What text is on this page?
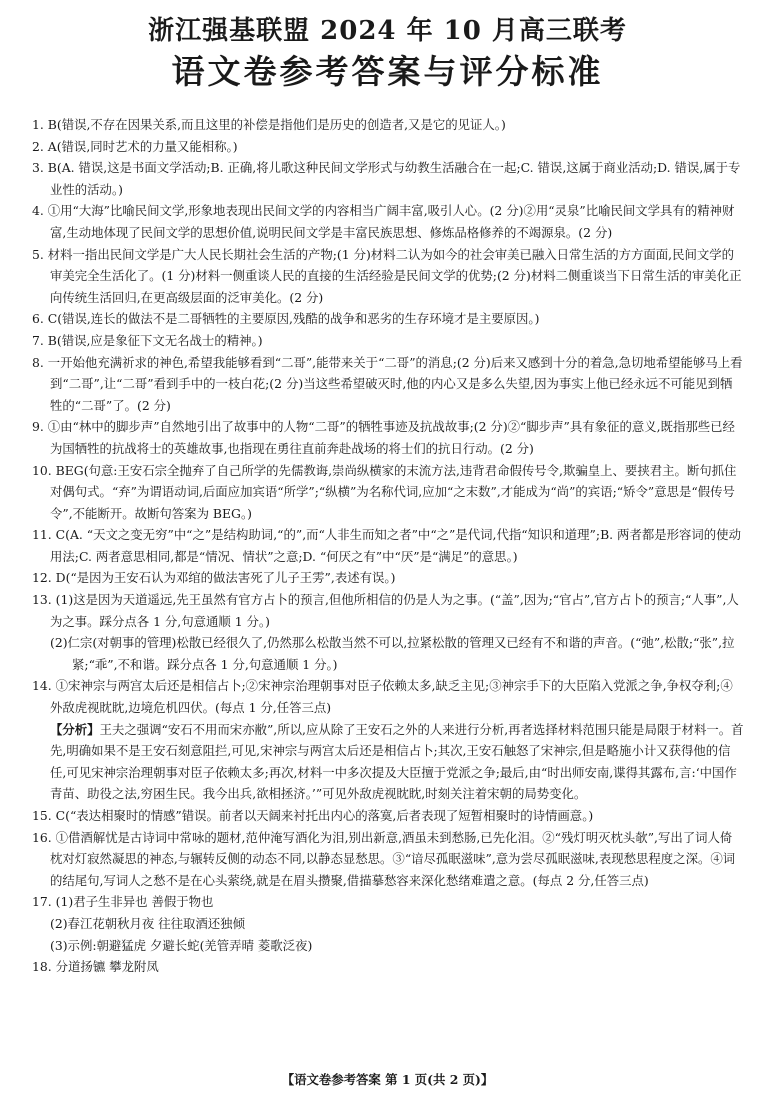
浙江强基联盟 2024 年 10 月高三联考
语文卷参考答案与评分标准

1. B(错误,不存在因果关系,而且这里的补偿是指他们是历史的创造者,又是它的见证人。)

2. A(错误,同时艺术的力量又能相称。)

3. B(A. 错误,这是书面文学活动;B. 正确,将儿歌这种民间文学形式与幼教生活融合在一起;C. 错误,这属于商业活动;D. 错误,属于专业性的活动。)

4. ①用“大海”比喻民间文学,形象地表现出民间文学的内容相当广阔丰富,吸引人心。(2 分)②用“灵泉”比喻民间文学具有的精神财富,生动地体现了民间文学的思想价值,说明民间文学是丰富民族思想、修炼品格修养的不竭源泉。(2 分)

5. 材料一指出民间文学是广大人民长期社会生活的产物;(1 分)材料二认为如今的社会审美已融入日常生活的方方面面,民间文学的审美完全生活化了。(1 分)材料一侧重谈人民的直接的生活经验是民间文学的优势;(2 分)材料二侧重谈当下日常生活的审美化正向传统生活回归,在更高级层面的泛审美化。(2 分)

6. C(错误,连长的做法不是二哥牺牲的主要原因,残酷的战争和恶劣的生存环境才是主要原因。)

7. B(错误,应是象征下文无名战士的精神。)

8. 一开始他充满祈求的神色,希望我能够看到“二哥”,能带来关于“二哥”的消息;(2 分)后来又感到十分的着急,急切地希望能够马上看到“二哥”,让“二哥”看到手中的一枝白花;(2 分)当这些希望破灭时,他的内心又是多么失望,因为事实上他已经永远不可能见到牺牲的“二哥”了。(2 分)

9. ①由“林中的脚步声”自然地引出了故事中的人物“二哥”的牺牲事迹及抗战故事;(2 分)②“脚步声”具有象征的意义,既指那些已经为国牺牲的抗战将士的英雄故事,也指现在勇往直前奔赴战场的将士们的抗日行动。(2 分)

10. BEG(句意:王安石宗全抛弃了自己所学的先儒教诲,崇尚纵横家的末流方法,违背君命假传号令,欺骗皇上、要挟君主。断句抓住对偶句式。“弃”为谓语动词,后面应加宾语“所学”;“纵横”为名称代词,应加“之末数”,才能成为“尚”的宾语;“矫令”意思是“假传号令”,不能断开。故断句答案为 BEG。)

11. C(A. “天文之变无穷”中“之”是结构助词,“的”,而“人非生而知之者”中“之”是代词,代指“知识和道理”;B. 两者都是形容词的使动用法;C. 两者意思相同,都是“情况、情状”之意;D. “何厌之有”中“厌”是“满足”的意思。)

12. D(“是因为王安石认为邓绾的做法害死了儿子王雱”,表述有误。)

13. (1)这是因为天道遥远,先王虽然有官方占卜的预言,但他所相信的仍是人为之事。(“盖”,因为;“官占”,官方占卜的预言;“人事”,人为之事。踩分点各 1 分,句意通顺 1 分。)

(2)仁宗(对朝事的管理)松散已经很久了,仍然那么松散当然不可以,拉紧松散的管理又已经有不和谐的声音。(“弛”,松散;“张”,拉紧;“乖”,不和谐。踩分点各 1 分,句意通顺 1 分。)

14. ①宋神宗与两宫太后还是相信占卜;②宋神宗治理朝事对臣子依赖太多,缺乏主见;③神宗手下的大臣陷入党派之争,争权夺利;④外敌虎视眈眈,边境危机四伏。(每点 1 分,任答三点)

【分析】王夫之强调“安石不用而宋亦敝”,所以,应从除了王安石之外的人来进行分析,再者选择材料范围只能是局限于材料一。首先,明确如果不是王安石刻意阻拦,可见,宋神宗与两宫太后还是相信占卜;其次,王安石触怒了宋神宗,但是略施小计又获得他的信任,可见宋神宗治理朝事对臣子依赖太多;再次,材料一中多次提及大臣擅于党派之争;最后,由“时出师安南,谍得其露布,言:‘中国作青苗、助役之法,穷困生民。我今出兵,欲相拯济。’”可见外敌虎视眈眈,时刻关注着宋朝的局势变化。

15. C(“表达相聚时的情感”错误。前者以天阔来衬托出内心的落寞,后者表现了短暂相聚时的诗情画意。)

16. ①借酒解忧是古诗词中常咏的题材,范仲淹写酒化为泪,别出新意,酒虽未到愁肠,已先化泪。②“残灯明灭枕头欹”,写出了词人倚枕对灯寂然凝思的神态,与辗转反侧的动态不同,以静态显愁思。③“谙尽孤眠滋味”,意为尝尽孤眠滋味,表现愁思程度之深。④词的结尾句,写词人之愁不是在心头萦绕,就是在眉头攒聚,借描摹愁容来深化愁绪难遣之意。(每点 2 分,任答三点)

17. (1)君子生非异也 善假于物也

(2)春江花朝秋月夜 往往取酒还独倾

(3)示例:朝避猛虎 夕避长蛇(羌管弄晴 菱歌泛夜)

18. 分道扬镳 攀龙附凤

【语文卷参考答案 第 1 页(共 2 页)】
